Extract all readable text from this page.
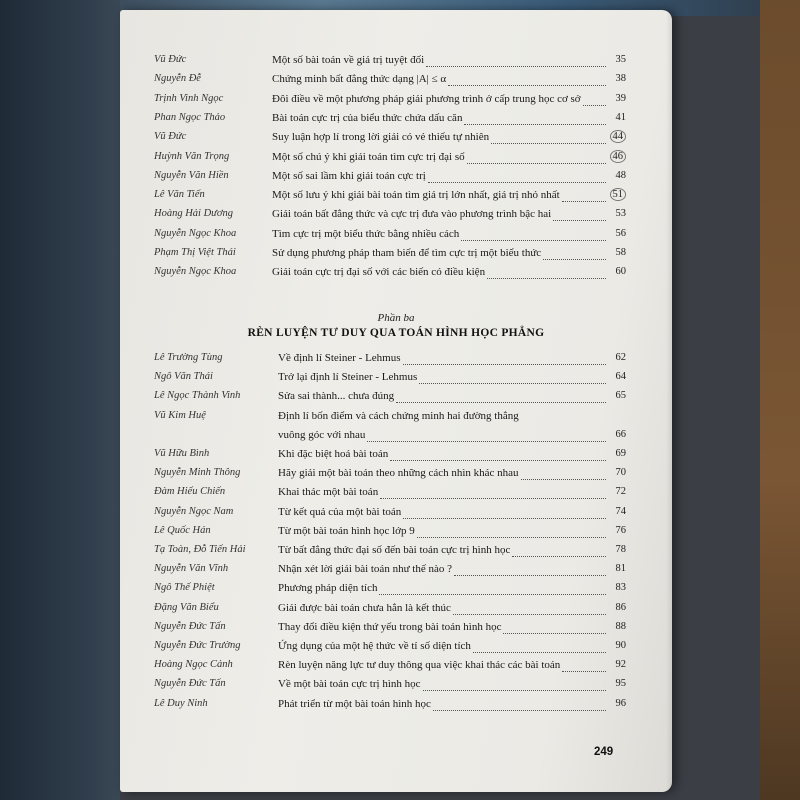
Vũ Đức	Một số bài toán về giá trị tuyệt đối	35
Nguyễn Đễ	Chứng minh bất đẳng thức dạng |A| ≤ α	38
Trịnh Vinh Ngọc	Đôi điều về một phương pháp giải phương trình ở cấp trung học cơ sở	39
Phan Ngọc Thảo	Bài toán cực trị của biểu thức chứa dấu căn	41
Vũ Đức	Suy luận hợp lí trong lời giải có vẻ thiếu tự nhiên	44
Huỳnh Văn Trọng	Một số chú ý khi giải toán tìm cực trị đại số	46
Nguyễn Văn Hiền	Một số sai lầm khi giải toán cực trị	48
Lê Văn Tiến	Một số lưu ý khi giải bài toán tìm giá trị lớn nhất, giá trị nhỏ nhất	51
Hoàng Hải Dương	Giải toán bất đẳng thức và cực trị đưa vào phương trình bậc hai	53
Nguyễn Ngọc Khoa	Tìm cực trị một biểu thức bằng nhiều cách	56
Phạm Thị Việt Thái	Sử dụng phương pháp tham biến để tìm cực trị một biểu thức	58
Nguyễn Ngọc Khoa	Giải toán cực trị đại số với các biến có điều kiện	60
Phần ba
RÈN LUYỆN TƯ DUY QUA TOÁN HÌNH HỌC PHẲNG
Lê Trường Tùng	Về định lí Steiner - Lehmus	62
Ngô Văn Thái	Trở lại định lí Steiner - Lehmus	64
Lê Ngọc Thành Vinh	Sửa sai thành... chưa đúng	65
Vũ Kim Huệ	Định lí bốn điểm và cách chứng minh hai đường thẳng
vuông góc với nhau	66
Vũ Hữu Bình	Khi đặc biệt hoá bài toán	69
Nguyễn Minh Thông	Hãy giải một bài toán theo những cách nhìn khác nhau	70
Đàm Hiếu Chiến	Khai thác một bài toán	72
Nguyễn Ngọc Nam	Từ kết quả của một bài toán	74
Lê Quốc Hán	Từ một bài toán hình học lớp 9	76
Tạ Toàn, Đỗ Tiến Hải	Từ bất đẳng thức đại số đến bài toán cực trị hình học	78
Nguyễn Văn Vĩnh	Nhận xét lời giải bài toán như thế nào ?	81
Ngô Thế Phiệt	Phương pháp diện tích	83
Đặng Văn Biểu	Giải được bài toán chưa hẳn là kết thúc	86
Nguyễn Đức Tấn	Thay đổi điều kiện thứ yếu trong bài toán hình học	88
Nguyễn Đức Trường	Ứng dụng của một hệ thức về tỉ số diện tích	90
Hoàng Ngọc Cảnh	Rèn luyện năng lực tư duy thông qua việc khai thác các bài toán	92
Nguyễn Đức Tấn	Về một bài toán cực trị hình học	95
Lê Duy Ninh	Phát triển từ một bài toán hình học	96
249
